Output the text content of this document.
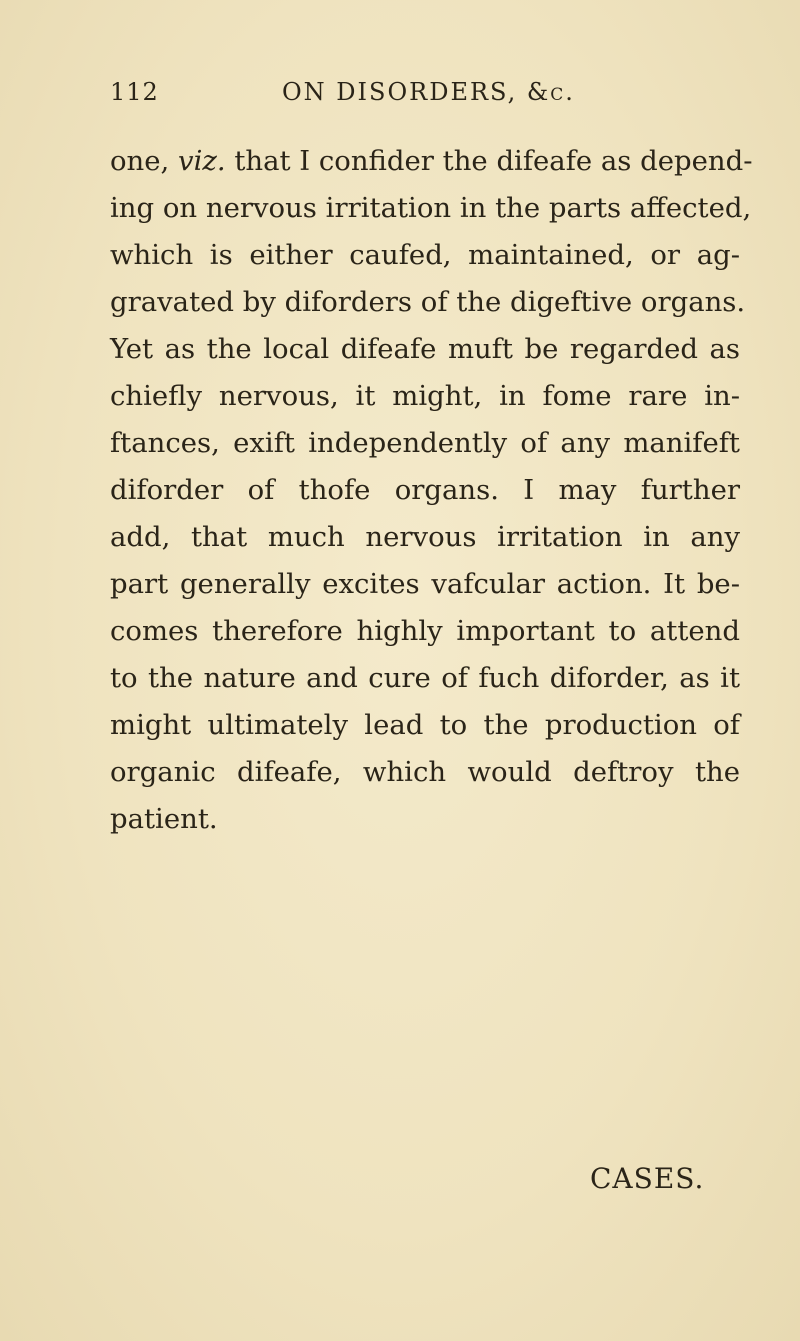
112	ON DISORDERS, &c.
one, viz. that I confider the difeafe as depend-
ing on nervous irritation in the parts affected,
which is either caufed, maintained, or ag-
gravated by diforders of the digeftive organs.
Yet as the local difeafe muft be regarded as
chiefly nervous, it might, in fome rare in-
ftances, exift independently of any manifeft
diforder of thofe organs. I may further
add, that much nervous irritation in any
part generally excites vafcular action. It be-
comes therefore highly important to attend
to the nature and cure of fuch diforder, as it
might ultimately lead to the production of
organic difeafe, which would deftroy the
patient.
CASES.
